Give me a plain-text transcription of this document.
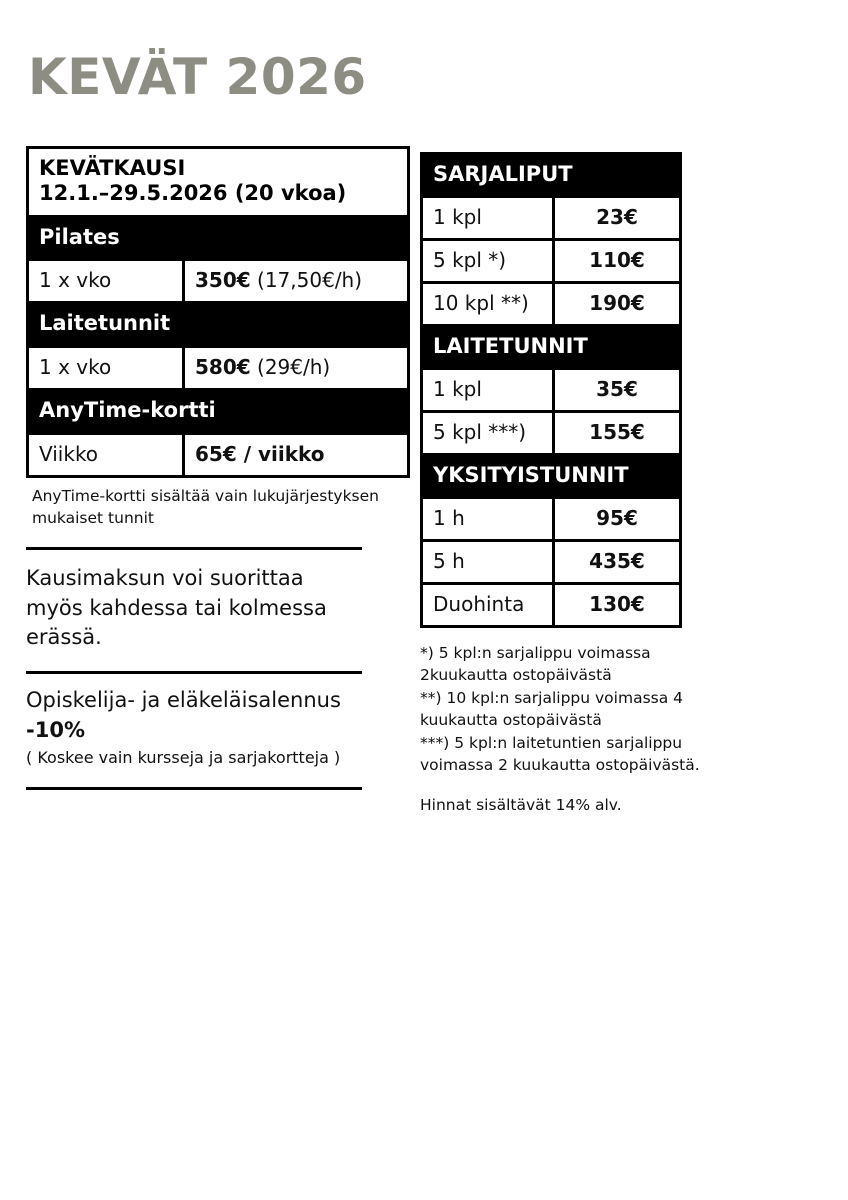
KEVÄT 2026
KEVÄTKAUSI
12.1.–29.5.2026 (20 vkoa)
Pilates
1 x vko	350€ (17,50€/h)
Laitetunnit
1 x vko	580€ (29€/h)
AnyTime-kortti
Viikko	65€ / viikko
AnyTime-kortti sisältää vain lukujärjestyksen mukaiset tunnit
Kausimaksun voi suorittaa myös kahdessa tai kolmessa erässä.
Opiskelija- ja eläkeläisalennus -10%
( Koskee vain kursseja ja sarjakortteja )
SARJALIPUT
1 kpl	23€
5 kpl *)	110€
10 kpl **)	190€
LAITETUNNIT
1 kpl	35€
5 kpl ***)	155€
YKSITYISTUNNIT
1 h	95€
5 h	435€
Duohinta	130€

*) 5 kpl:n sarjalippu voimassa 2kuukautta ostopäivästä

**) 10 kpl:n sarjalippu voimassa 4 kuukautta ostopäivästä

***) 5 kpl:n laitetuntien sarjalippu voimassa 2 kuukautta ostopäivästä.

Hinnat sisältävät 14% alv.
